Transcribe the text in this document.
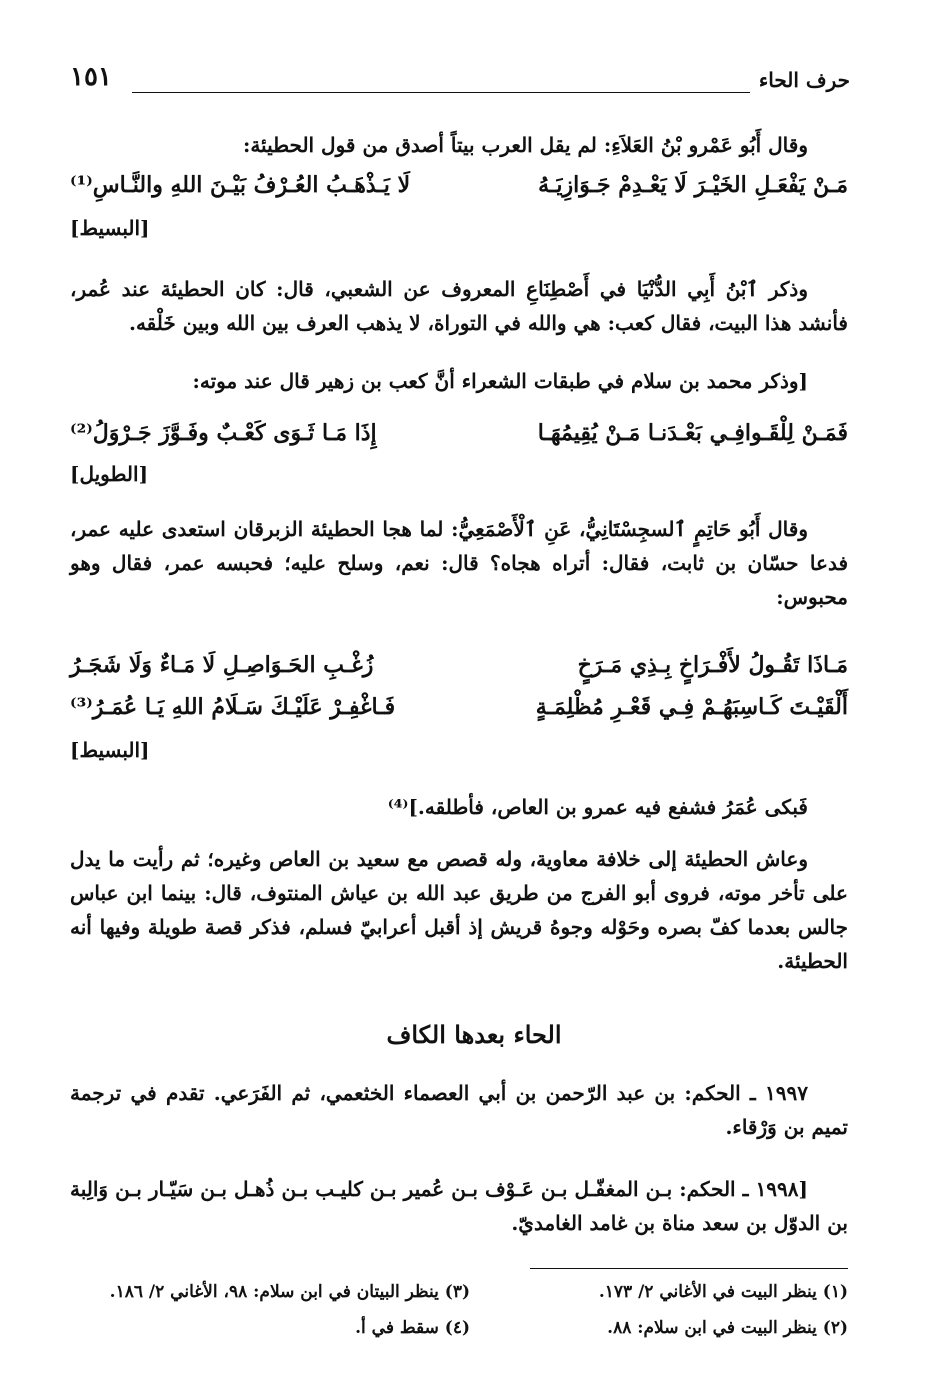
١٥١	حرف الحاء
وقال أَبُو عَمْرو بْنُ العَلاَءِ: لم يقل العرب بيتاً أصدق من قول الحطيئة:
مَـنْ يَفْعَـلِ الخَيْـرَ لَا يَعْـدِمْ جَـوَازِيَـهُ
لَا يَـذْهَـبُ العُـرْفُ بَيْـنَ اللهِ والنَّـاسِ⁽¹⁾
[البسيط]
وذكر ٱبْنُ أَبِي الدُّنْيَا في أَصْطِنَاعِ المعروف عن الشعبي، قال: كان الحطيئة عند عُمر، فأنشد هذا البيت، فقال كعب: هي والله في التوراة، لا يذهب العرف بين الله وبين خَلْقه.
[وذكر محمد بن سلام في طبقات الشعراء أنَّ كعب بن زهير قال عند موته:
فَمَـنْ لِلْقَـوافِـي بَعْـدَنـا مَـنْ يُقِيمُهَـا
إِذَا مَـا ثَـوَى كَعْـبٌ وفَـوَّزَ جَـرْوَلُ⁽²⁾
[الطويل]
وقال أَبُو حَاتِمٍ ٱلسجِسْتَانِيُّ، عَنِ ٱلْأَصْمَعِيُّ: لما هجا الحطيئة الزبرقان استعدى عليه عمر، فدعا حسّان بن ثابت، فقال: أتراه هجاه؟ قال: نعم، وسلح عليه؛ فحبسه عمر، فقال وهو محبوس:
مَـاذَا تَقُـولُ لأَفْـرَاخٍ بِـذِي مَـرَخٍ
زُغْـبِ الحَـوَاصِـلِ لَا مَـاءٌ وَلَا شَجَـرُ
أَلْقَيْـتَ كَـاسِبَهُـمْ فِـي قَعْـرِ مُظْلِمَـةٍ
فَـاغْفِـرْ عَلَيْـكَ سَـلَامُ اللهِ يَـا عُمَـرُ⁽³⁾
[البسيط]
فَبكى عُمَرُ فشفع فيه عمرو بن العاص، فأطلقه.]⁽⁴⁾
وعاش الحطيئة إلى خلافة معاوية، وله قصص مع سعيد بن العاص وغيره؛ ثم رأيت ما يدل على تأخر موته، فروى أبو الفرج من طريق عبد الله بن عياش المنتوف، قال: بينما ابن عباس جالس بعدما كفّ بصره وحَوْله وجوهُ قريش إذ أقبل أعرابيّ فسلم، فذكر قصة طويلة وفيها أنه الحطيئة.
الحاء بعدها الكاف
١٩٩٧ ـ الحكم: بن عبد الرّحمن بن أبي العصماء الخثعمي، ثم الفَرَعي. تقدم في ترجمة تميم بن وَرْقاء.
[١٩٩٨ ـ الحكم: بـن المغفّـل بـن عَـوْف بـن عُمير بـن كليـب بـن ذُهـل بـن سَيّـار بـن وَالِبة بن الدوّل بن سعد مناة بن غامد الغامديّ.
(١) ينظر البيت في الأغاني ٢/ ١٧٣.
(٢) ينظر البيت في ابن سلام: ٨٨.
(٣) ينظر البيتان في ابن سلام: ٩٨، الأغاني ٢/ ١٨٦.
(٤) سقط في أ.
